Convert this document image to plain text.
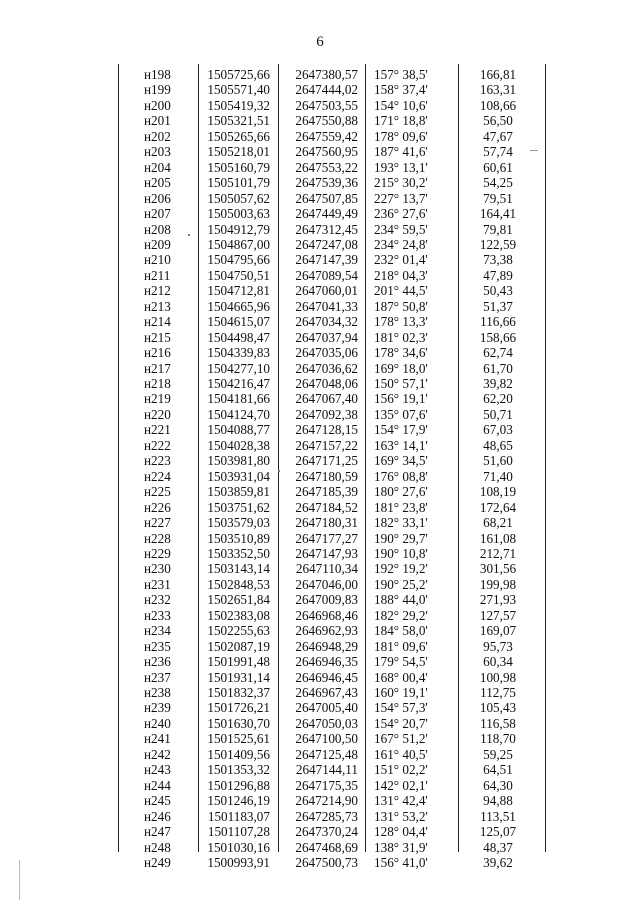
6
н198	1505725,66	2647380,57 157° 38,5'	166,81
н199	1505571,40	2647444,02 158° 37,4'	163,31
н200	1505419,32	2647503,55 154° 10,6'	108,66
н201	1505321,51	2647550,88 171° 18,8'	56,50
н202	1505265,66	2647559,42 178° 09,6'	47,67
н203	1505218,01	2647560,95 187° 41,6'	57,74
н204	1505160,79	2647553,22 193° 13,1'	60,61
н205	1505101,79	2647539,36 215° 30,2'	54,25
н206	1505057,62	2647507,85 227° 13,7'	79,51
н207	1505003,63	2647449,49 236° 27,6'	164,41
н208	1504912,79	2647312,45 234° 59,5'	79,81
н209	1504867,00	2647247,08 234° 24,8'	122,59
н210	1504795,66	2647147,39 232° 01,4'	73,38
н211	1504750,51	2647089,54 218° 04,3'	47,89
н212	1504712,81	2647060,01 201° 44,5'	50,43
н213	1504665,96	2647041,33 187° 50,8'	51,37
н214	1504615,07	2647034,32 178° 13,3'	116,66
н215	1504498,47	2647037,94 181° 02,3'	158,66
н216	1504339,83	2647035,06 178° 34,6'	62,74
н217	1504277,10	2647036,62 169° 18,0'	61,70
н218	1504216,47	2647048,06 150° 57,1'	39,82
н219	1504181,66	2647067,40 156° 19,1'	62,20
н220	1504124,70	2647092,38 135° 07,6'	50,71
н221	1504088,77	2647128,15 154° 17,9'	67,03
н222	1504028,38	2647157,22 163° 14,1'	48,65
н223	1503981,80	2647171,25 169° 34,5'	51,60
н224	1503931,04	2647180,59 176° 08,8'	71,40
н225	1503859,81	2647185,39 180° 27,6'	108,19
н226	1503751,62	2647184,52 181° 23,8'	172,64
н227	1503579,03	2647180,31 182° 33,1'	68,21
н228	1503510,89	2647177,27 190° 29,7'	161,08
н229	1503352,50	2647147,93 190° 10,8'	212,71
н230	1503143,14	2647110,34 192° 19,2'	301,56
н231	1502848,53	2647046,00 190° 25,2'	199,98
н232	1502651,84	2647009,83 188° 44,0'	271,93
н233	1502383,08	2646968,46 182° 29,2'	127,57
н234	1502255,63	2646962,93 184° 58,0'	169,07
н235	1502087,19	2646948,29 181° 09,6'	95,73
н236	1501991,48	2646946,35 179° 54,5'	60,34
н237	1501931,14	2646946,45 168° 00,4'	100,98
н238	1501832,37	2646967,43 160° 19,1'	112,75
н239	1501726,21	2647005,40 154° 57,3'	105,43
н240	1501630,70	2647050,03 154° 20,7'	116,58
н241	1501525,61	2647100,50 167° 51,2'	118,70
н242	1501409,56	2647125,48 161° 40,5'	59,25
н243	1501353,32	2647144,11 151° 02,2'	64,51
н244	1501296,88	2647175,35 142° 02,1'	64,30
н245	1501246,19	2647214,90 131° 42,4'	94,88
н246	1501183,07	2647285,73 131° 53,2'	113,51
н247	1501107,28	2647370,24 128° 04,4'	125,07
н248	1501030,16	2647468,69 138° 31,9'	48,37
н249	1500993,91	2647500,73 156° 41,0'	39,62
